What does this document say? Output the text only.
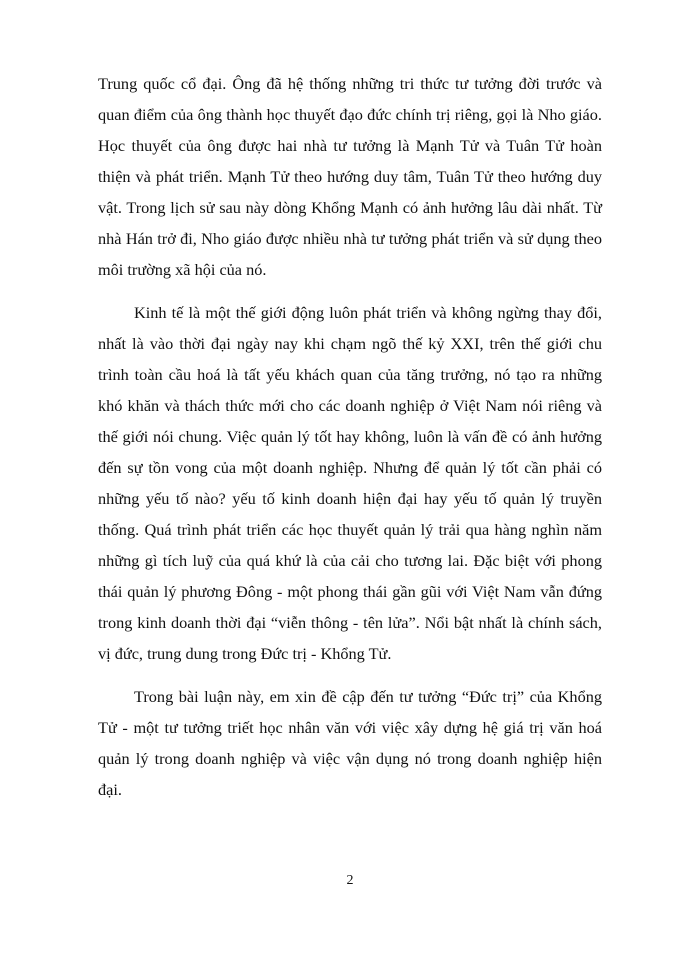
Trung quốc cổ đại. Ông đã hệ thống những tri thức tư tưởng đời trước và quan điểm của ông thành học thuyết đạo đức chính trị riêng, gọi là Nho giáo. Học thuyết của ông được hai nhà tư tưởng là Mạnh Tử và Tuân Tử hoàn thiện và phát triển. Mạnh Tử theo hướng duy tâm, Tuân Tử theo hướng duy vật. Trong lịch sử sau này dòng Khổng Mạnh có ảnh hưởng lâu dài nhất. Từ nhà Hán trở đi, Nho giáo được nhiều nhà tư tưởng phát triển và sử dụng theo môi trường xã hội của nó.

Kinh tế là một thế giới động luôn phát triển và không ngừng thay đổi, nhất là vào thời đại ngày nay khi chạm ngõ thế kỷ XXI, trên thế giới chu trình toàn cầu hoá là tất yếu khách quan của tăng trưởng, nó tạo ra những khó khăn và thách thức mới cho các doanh nghiệp ở Việt Nam nói riêng và thế giới nói chung. Việc quản lý tốt hay không, luôn là vấn đề có ảnh hưởng đến sự tồn vong của một doanh nghiệp. Nhưng để quản lý tốt cần phải có những yếu tố nào? yếu tố kinh doanh hiện đại hay yếu tố quản lý truyền thống. Quá trình phát triển các học thuyết quản lý trải qua hàng nghìn năm những gì tích luỹ của quá khứ là của cải cho tương lai. Đặc biệt với phong thái quản lý phương Đông - một phong thái gần gũi với Việt Nam vẫn đứng trong kinh doanh thời đại “viễn thông - tên lửa”. Nổi bật nhất là chính sách, vị đức, trung dung trong Đức trị - Khổng Tử.

Trong bài luận này, em xin đề cập đến tư tưởng “Đức trị” của Khổng Tử - một tư tưởng triết học nhân văn với việc xây dựng hệ giá trị văn hoá quản lý trong doanh nghiệp và việc vận dụng nó trong doanh nghiệp hiện đại.

2
